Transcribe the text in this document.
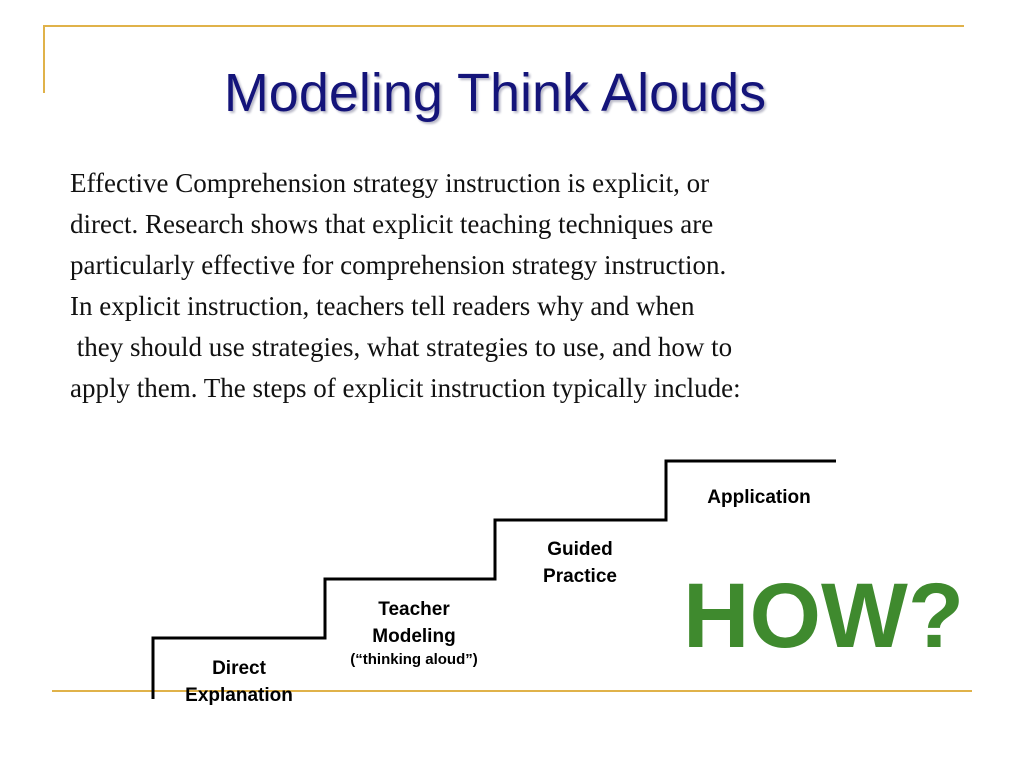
Modeling Think Alouds
Effective Comprehension strategy instruction is explicit, or
direct. Research shows that explicit teaching techniques are
particularly effective for comprehension strategy instruction.
In explicit instruction, teachers tell readers why and when
they should use strategies, what strategies to use, and how to
apply them. The steps of explicit instruction typically include:
Direct
Explanation
Teacher
Modeling
(“thinking aloud”)
Guided
Practice
Application
HOW?
